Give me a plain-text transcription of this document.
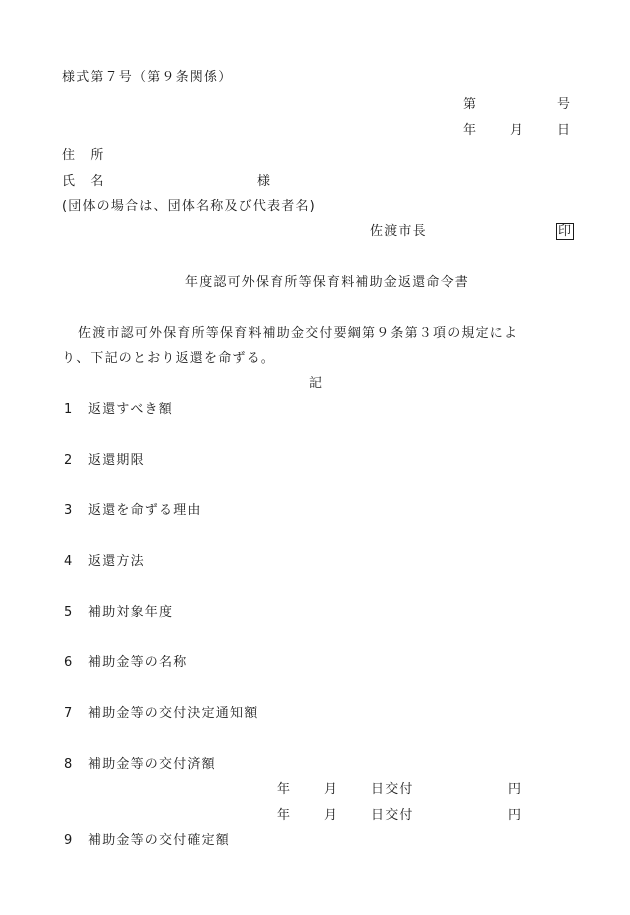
様式第７号（第９条関係）
第	号
年	月	日
住　所
氏　名	様
(団体の場合は、団体名称及び代表者名)
佐渡市長	印
年度認可外保育所等保育料補助金返還命令書
佐渡市認可外保育所等保育料補助金交付要綱第９条第３項の規定によ
り、下記のとおり返還を命ずる。
記
1 返還すべき額
2 返還期限
3 返還を命ずる理由
4 返還方法
5 補助対象年度
6 補助金等の名称
7 補助金等の交付決定通知額
8 補助金等の交付済額
年	月	日交付	円
年	月	日交付	円
9 補助金等の交付確定額
